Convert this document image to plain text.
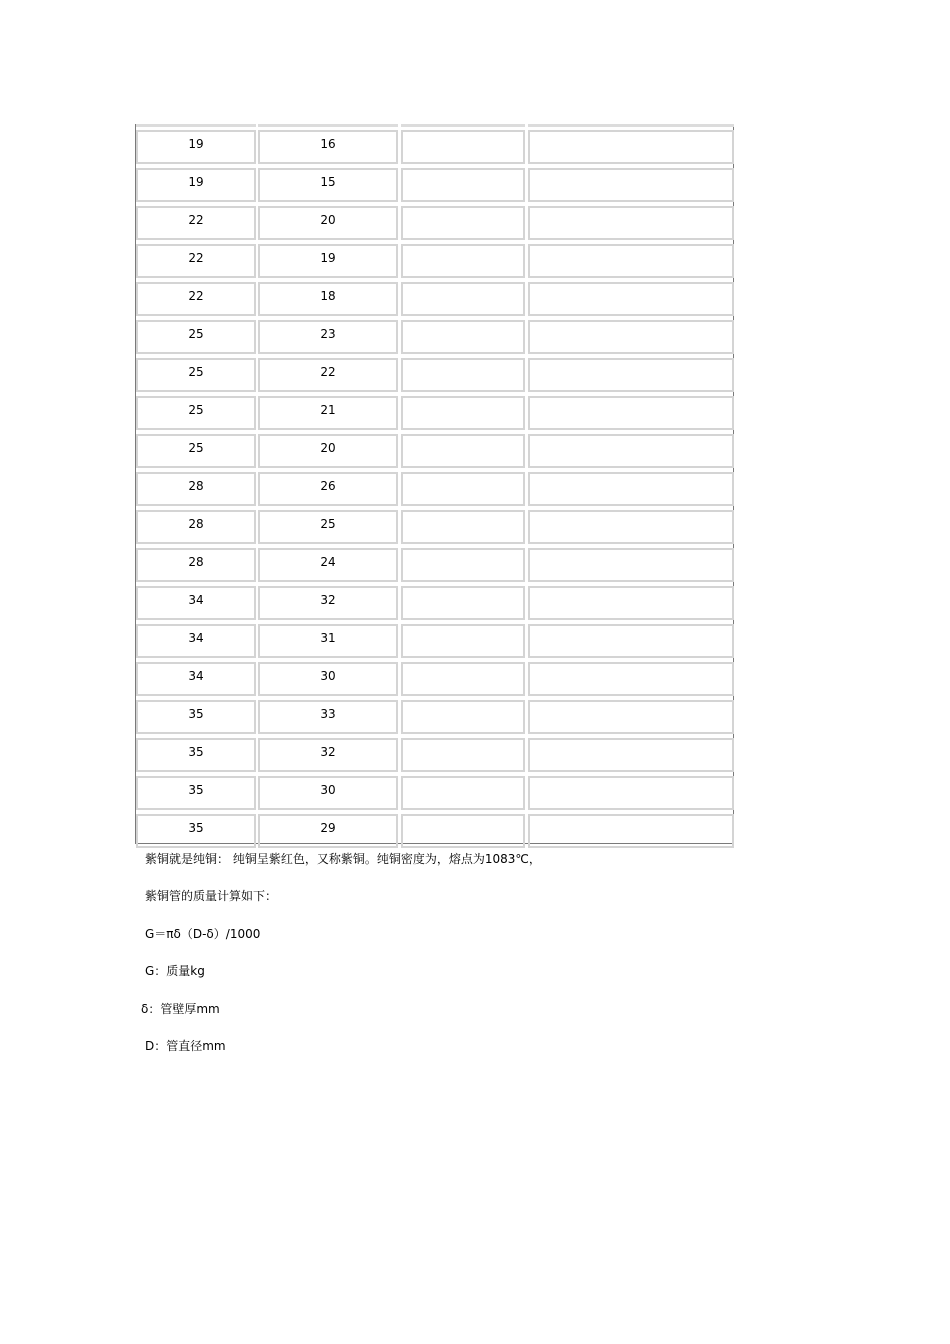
19	16
19	15
22	20
22	19
22	18
25	23
25	22
25	21
25	20
28	26
28	25
28	24
34	32
34	31
34	30
35	33
35	32
35	30
35	29
紫铜就是纯铜： 纯铜呈紫红色，又称紫铜。纯铜密度为，熔点为1083℃，
紫铜管的质量计算如下：
G＝πδ（D-δ）/1000
G：质量kg
δ：管壁厚mm
D：管直径mm
